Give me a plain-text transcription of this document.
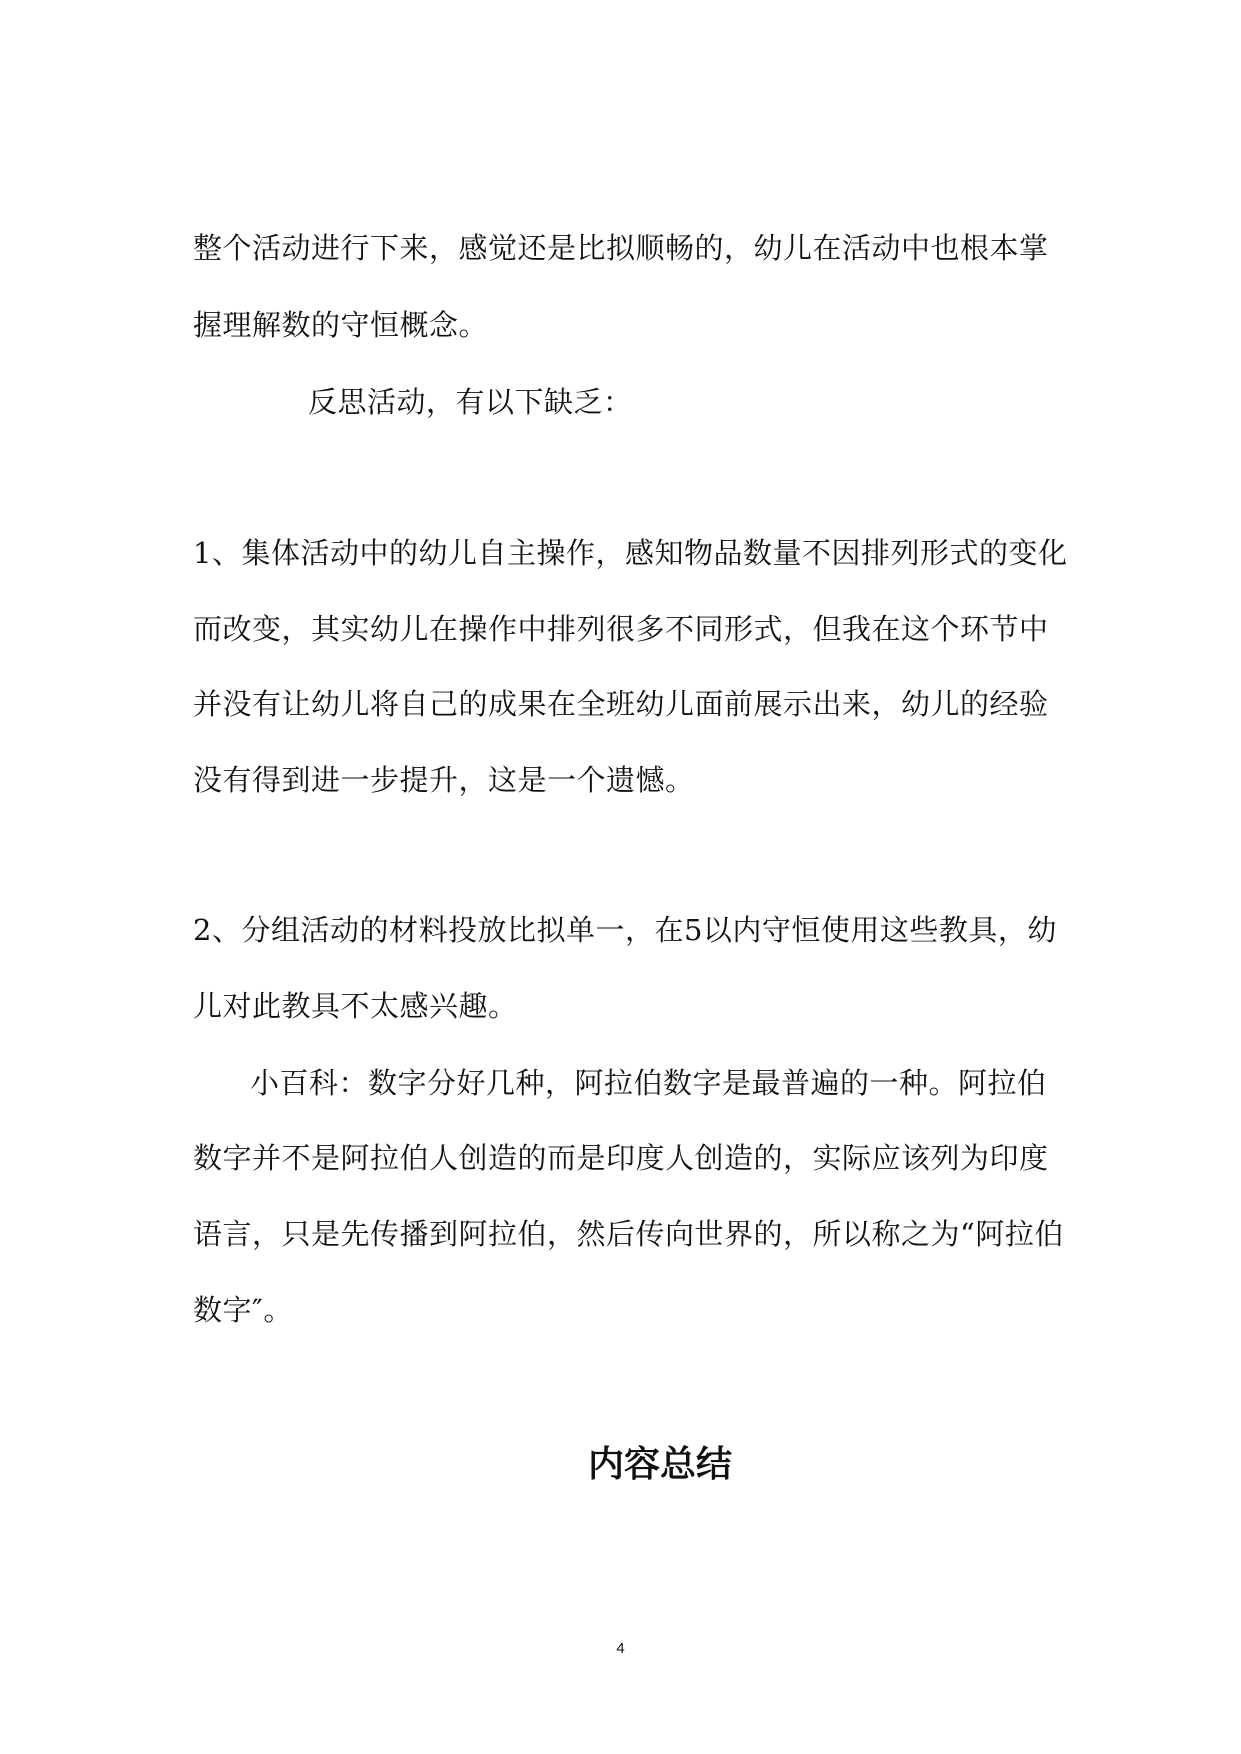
整个活动进行下来，感觉还是比拟顺畅的，幼儿在活动中也根本掌
握理解数的守恒概念。
反思活动，有以下缺乏：
1、集体活动中的幼儿自主操作，感知物品数量不因排列形式的变化
而改变，其实幼儿在操作中排列很多不同形式，但我在这个环节中
并没有让幼儿将自己的成果在全班幼儿面前展示出来，幼儿的经验
没有得到进一步提升，这是一个遗憾。
2、分组活动的材料投放比拟单一，在5以内守恒使用这些教具，幼
儿对此教具不太感兴趣。
小百科：数字分好几种，阿拉伯数字是最普遍的一种。阿拉伯
数字并不是阿拉伯人创造的而是印度人创造的，实际应该列为印度
语言，只是先传播到阿拉伯，然后传向世界的，所以称之为“阿拉伯
数字″。
内容总结
4
